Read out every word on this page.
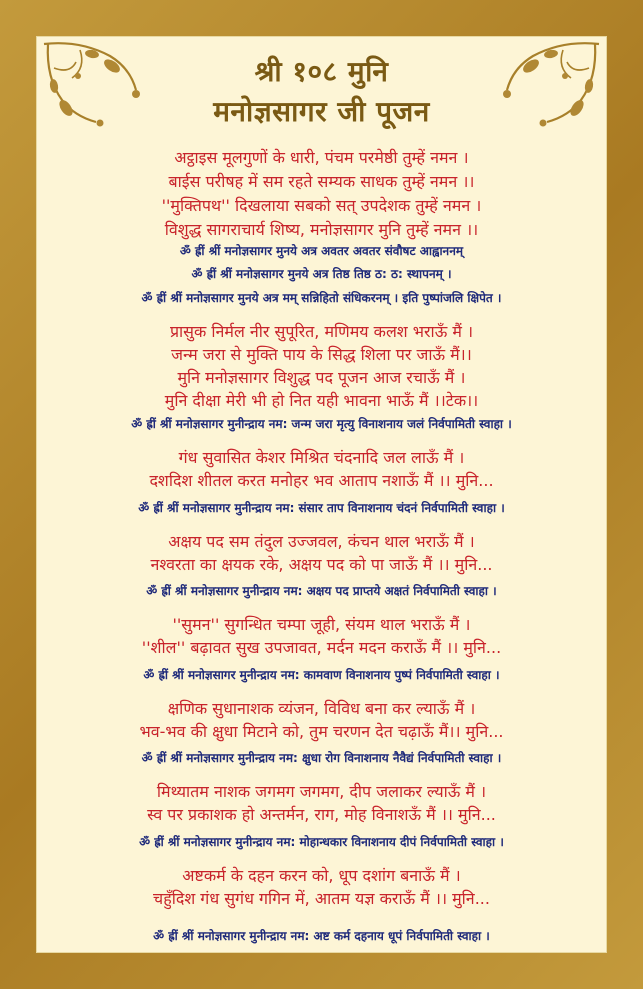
श्री १०८ मुनि
मनोज्ञसागर जी पूजन
अट्ठाइस मूलगुणों के धारी, पंचम परमेष्ठी तुम्हें नमन ।
बाईस परीषह में सम रहते सम्यक साधक तुम्हें नमन ।।
''मुक्तिपथ'' दिखलाया सबको सत् उपदेशक तुम्हें नमन ।
विशुद्ध सागराचार्य शिष्य, मनोज्ञसागर मुनि तुम्हें नमन ।।
ॐ ह्रीं श्रीं मनोज्ञसागर मुनये अत्र अवतर अवतर संवौषट आह्वाननम्
ॐ ह्रीं श्रीं मनोज्ञसागर मुनये अत्र तिष्ठ तिष्ठ ठ: ठ: स्थापनम् ।
ॐ ह्रीं श्रीं मनोज्ञसागर मुनये अत्र मम् सन्निहितो संधिकरनम् । इति पुष्पांजलि क्षिपेत ।
प्रासुक निर्मल नीर सुपूरित, मणिमय कलश भराऊँ मैं ।
जन्म जरा से मुक्ति पाय के सिद्ध शिला पर जाऊँ मैं।।
मुनि मनोज्ञसागर विशुद्ध पद पूजन आज रचाऊँ मैं ।
मुनि दीक्षा मेरी भी हो नित यही भावना भाऊँ मैं ।।टेक।।
ॐ ह्रीं श्रीं मनोज्ञसागर मुनीन्द्राय नम: जन्म जरा मृत्यु विनाशनाय जलं निर्वपामिती स्वाहा ।
गंध सुवासित केशर मिश्रित चंदनादि जल लाऊँ मैं ।
दशदिश शीतल करत मनोहर भव आताप नशाऊँ मैं ।। मुनि...
ॐ ह्रीं श्रीं मनोज्ञसागर मुनीन्द्राय नम: संसार ताप विनाशनाय चंदनं निर्वपामिती स्वाहा ।
अक्षय पद सम तंदुल उज्जवल, कंचन थाल भराऊँ मैं ।
नश्वरता का क्षयक रके, अक्षय पद को पा जाऊँ मैं ।। मुनि...
ॐ ह्रीं श्रीं मनोज्ञसागर मुनीन्द्राय नम: अक्षय पद प्राप्तये अक्षतं निर्वपामिती स्वाहा ।
''सुमन'' सुगन्धित चम्पा जूही, संयम थाल भराऊँ मैं ।
''शील'' बढ़ावत सुख उपजावत, मर्दन मदन कराऊँ मैं ।। मुनि...
ॐ ह्रीं श्रीं मनोज्ञसागर मुनीन्द्राय नम: कामवाण विनाशनाय पुष्पं निर्वपामिती स्वाहा ।
क्षणिक सुधानाशक व्यंजन, विविध बना कर ल्याऊँ मैं ।
भव-भव की क्षुधा मिटाने को, तुम चरणन देत चढ़ाऊँ मैं।। मुनि...
ॐ ह्रीं श्रीं मनोज्ञसागर मुनीन्द्राय नम: क्षुधा रोग विनाशनाय नैवैद्यं निर्वपामिती स्वाहा ।
मिथ्यातम नाशक जगमग जगमग, दीप जलाकर ल्याऊँ मैं ।
स्व पर प्रकाशक हो अन्तर्मन, राग, मोह विनाशऊँ मैं ।। मुनि...
ॐ ह्रीं श्रीं मनोज्ञसागर मुनीन्द्राय नम: मोहान्धकार विनाशनाय दीपं निर्वपामिती स्वाहा ।
अष्टकर्म के दहन करन को, धूप दशांग बनाऊँ मैं ।
चहुँदिश गंध सुगंध गगिन में, आतम यज्ञ कराऊँ मैं ।। मुनि...
ॐ ह्रीं श्रीं मनोज्ञसागर मुनीन्द्राय नम: अष्ट कर्म दहनाय धूपं निर्वपामिती स्वाहा ।
